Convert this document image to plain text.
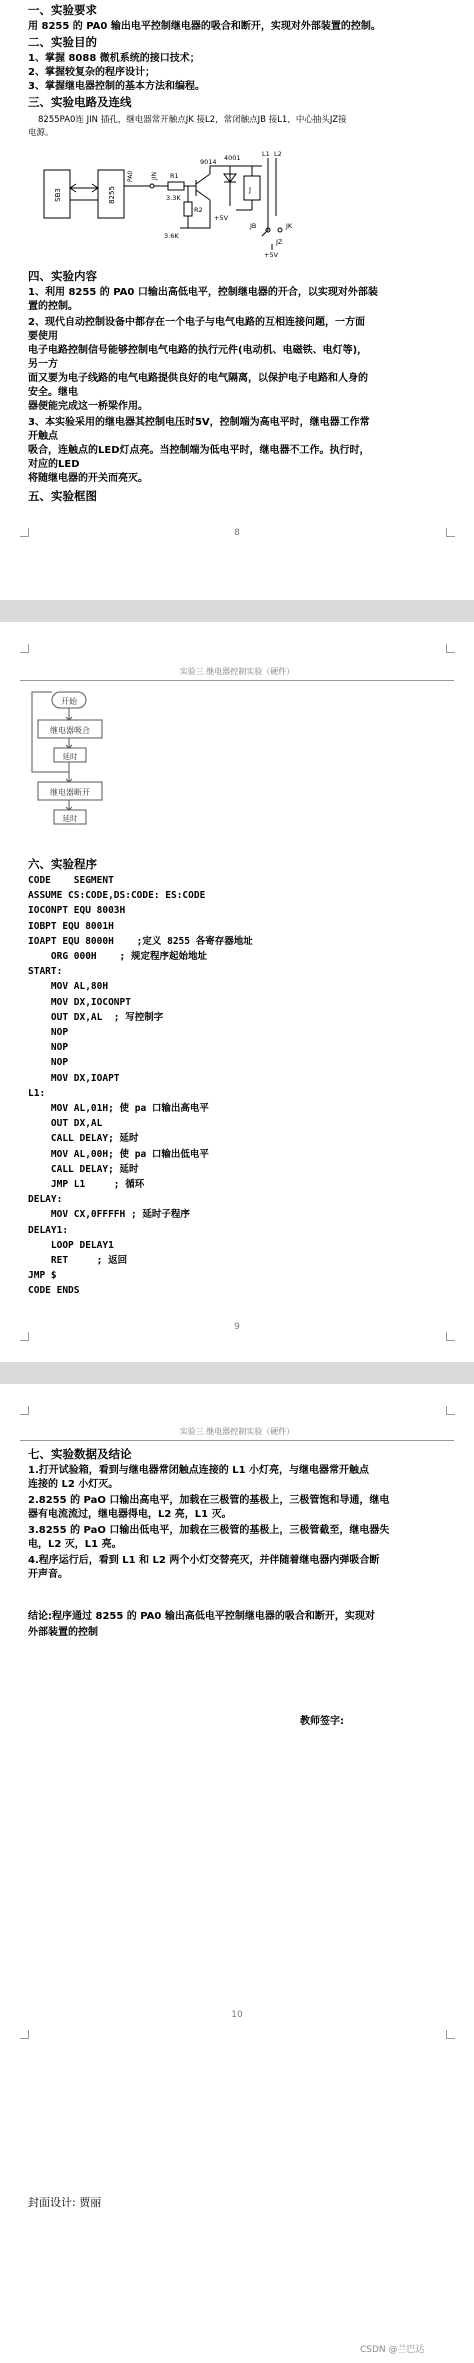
一、实验要求
用 8255 的 PA0 输出电平控制继电器的吸合和断开，实现对外部装置的控制。
二、实验目的
1、掌握 8088 微机系统的接口技术；
2、掌握较复杂的程序设计；
3、掌握继电器控制的基本方法和编程。
三、实验电路及连线
8255PA0连 JIN 插孔，继电器常开触点JK 接L2，常闭触点JB 接L1，中心抽头JZ接
电源。
SB3	8255
PA0	JIN R1
3.3K
R2
3.6K
9014 4001
+5V
J
L1 L2
JB	JK
JZ
+5V
四、实验内容
1、利用 8255 的 PA0 口输出高低电平，控制继电器的开合，以实现对外部装
置的控制。
2、现代自动控制设备中都存在一个电子与电气电路的互相连接问题，一方面
要使用
电子电路控制信号能够控制电气电路的执行元件(电动机、电磁铁、电灯等)，
另一方
面又要为电子线路的电气电路提供良好的电气隔离，以保护电子电路和人身的
安全。继电
器便能完成这一桥梁作用。
3、本实验采用的继电器其控制电压时5V，控制端为高电平时，继电器工作常
开触点
吸合，连触点的LED灯点亮。当控制端为低电平时，继电器不工作。执行时，
对应的LED
将随继电器的开关而亮灭。
五、实验框图
8
实验三 继电器控制实验（硬件）
开始
继电器吸合
延时
继电器断开
延时
六、实验程序
CODE    SEGMENT
ASSUME CS:CODE,DS:CODE: ES:CODE
IOCONPT EQU 8003H
IOBPT EQU 8001H
IOAPT EQU 8000H    ;定义 8255 各寄存器地址
ORG 000H    ; 规定程序起始地址
START:
MOV AL,80H
MOV DX,IOCONPT
OUT DX,AL  ; 写控制字
NOP
NOP
NOP
MOV DX,IOAPT
L1:
MOV AL,01H; 使 pa 口输出高电平
OUT DX,AL
CALL DELAY; 延时
MOV AL,00H; 使 pa 口输出低电平
CALL DELAY; 延时
JMP L1     ; 循环
DELAY:
MOV CX,0FFFFH ; 延时子程序
DELAY1:
LOOP DELAY1
RET     ; 返回
JMP $
CODE ENDS
9
实验三 继电器控制实验（硬件）
七、实验数据及结论
1.打开试验箱，看到与继电器常闭触点连接的 L1 小灯亮，与继电器常开触点
连接的 L2 小灯灭。
2.8255 的 PaO 口输出高电平，加载在三极管的基极上，三极管饱和导通，继电
器有电流流过，继电器得电，L2 亮，L1 灭。
3.8255 的 PaO 口输出低电平，加载在三极管的基极上，三极管截至，继电器失
电，L2 灭，L1 亮。
4.程序运行后，看到 L1 和 L2 两个小灯交替亮灭，并伴随着继电器内弹吸合断
开声音。
结论:程序通过 8255 的 PA0 输出高低电平控制继电器的吸合和断开，实现对
外部装置的控制
教师签字:
10
封面设计: 贾丽
CSDN @兰巴达
